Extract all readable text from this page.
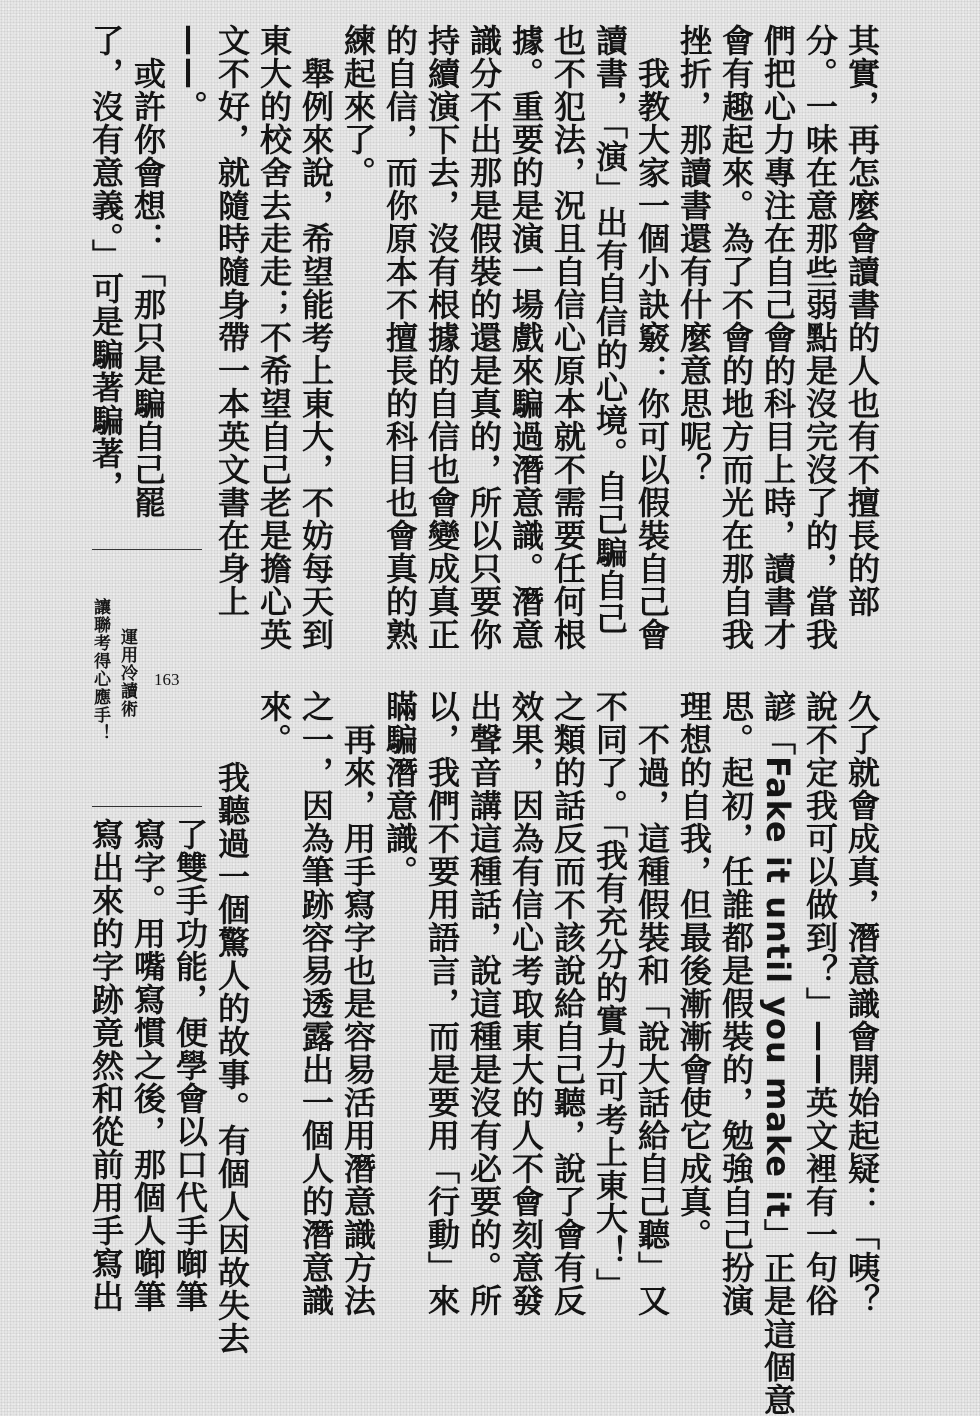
其實，再怎麼會讀書的人也有不擅長的部
分。一味在意那些弱點是沒完沒了的，當我
們把心力專注在自己會的科目上時，讀書才
會有趣起來。為了不會的地方而光在那自我
挫折，那讀書還有什麼意思呢？
　我教大家一個小訣竅：你可以假裝自己會
讀書，「演」出有自信的心境。自己騙自己
也不犯法，況且自信心原本就不需要任何根
據。重要的是演一場戲來騙過潛意識。潛意
識分不出那是假裝的還是真的，所以只要你
持續演下去，沒有根據的自信也會變成真正
的自信，而你原本不擅長的科目也會真的熟
練起來了。
　舉例來說，希望能考上東大，不妨每天到
東大的校舍去走走；不希望自己老是擔心英
文不好，就隨時隨身帶一本英文書在身上
——。
　或許你會想：「那只是騙自己罷
了，沒有意義。」可是騙著騙著，
久了就會成真，潛意識會開始起疑：「咦？
說不定我可以做到？」——英文裡有一句俗
諺「Fake it until you make it」正是這個意
思。起初，任誰都是假裝的，勉強自己扮演
理想的自我，但最後漸漸會使它成真。
　不過，這種假裝和「說大話給自己聽」又
不同了。「我有充分的實力可考上東大！」
之類的話反而不該說給自己聽，說了會有反
效果，因為有信心考取東大的人不會刻意發
出聲音講這種話，說這種是沒有必要的。所
以，我們不要用語言，而是要用「行動」來
瞞騙潛意識。
　再來，用手寫字也是容易活用潛意識方法
之一，因為筆跡容易透露出一個人的潛意識
來。
　我聽過一個驚人的故事。有個人因故失去
了雙手功能，便學會以口代手啣筆
寫字。用嘴寫慣之後，那個人啣筆
寫出來的字跡竟然和從前用手寫出
運用冷讀術
讓聯考得心應手！	163
